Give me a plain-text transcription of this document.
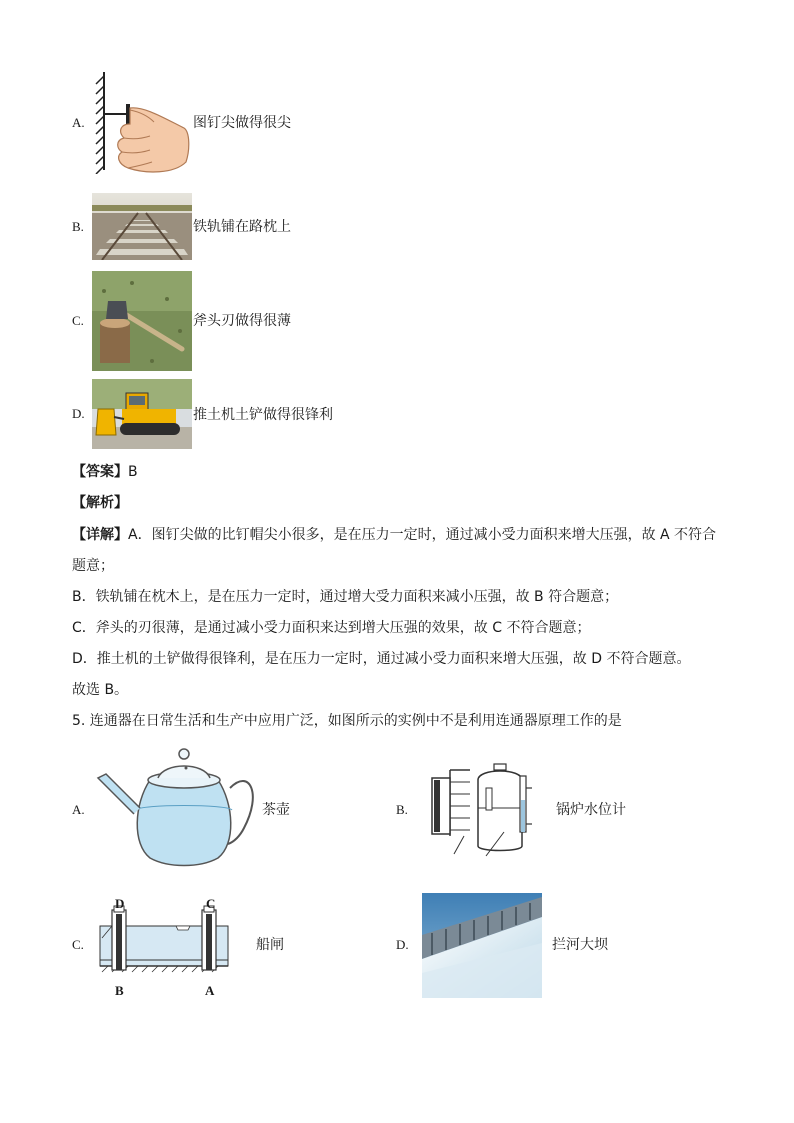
A.	图钉尖做得很尖
B.	铁轨铺在路枕上
C.	斧头刃做得很薄
D.	推土机土铲做得很锋利
【答案】B
【解析】
【详解】A．图钉尖做的比钉帽尖小很多，是在压力一定时，通过减小受力面积来增大压强，故 A 不符合
题意；
B．铁轨铺在枕木上，是在压力一定时，通过增大受力面积来减小压强，故 B 符合题意；
C．斧头的刃很薄，是通过减小受力面积来达到增大压强的效果，故 C 不符合题意；
D．推土机的土铲做得很锋利，是在压力一定时，通过减小受力面积来增大压强，故 D 不符合题意。
故选 B。
5. 连通器在日常生活和生产中应用广泛，如图所示的实例中不是利用连通器原理工作的是
A.	茶壶	B.	锅炉水位计
C.
D	C
B	A
船闸	D.	拦河大坝
